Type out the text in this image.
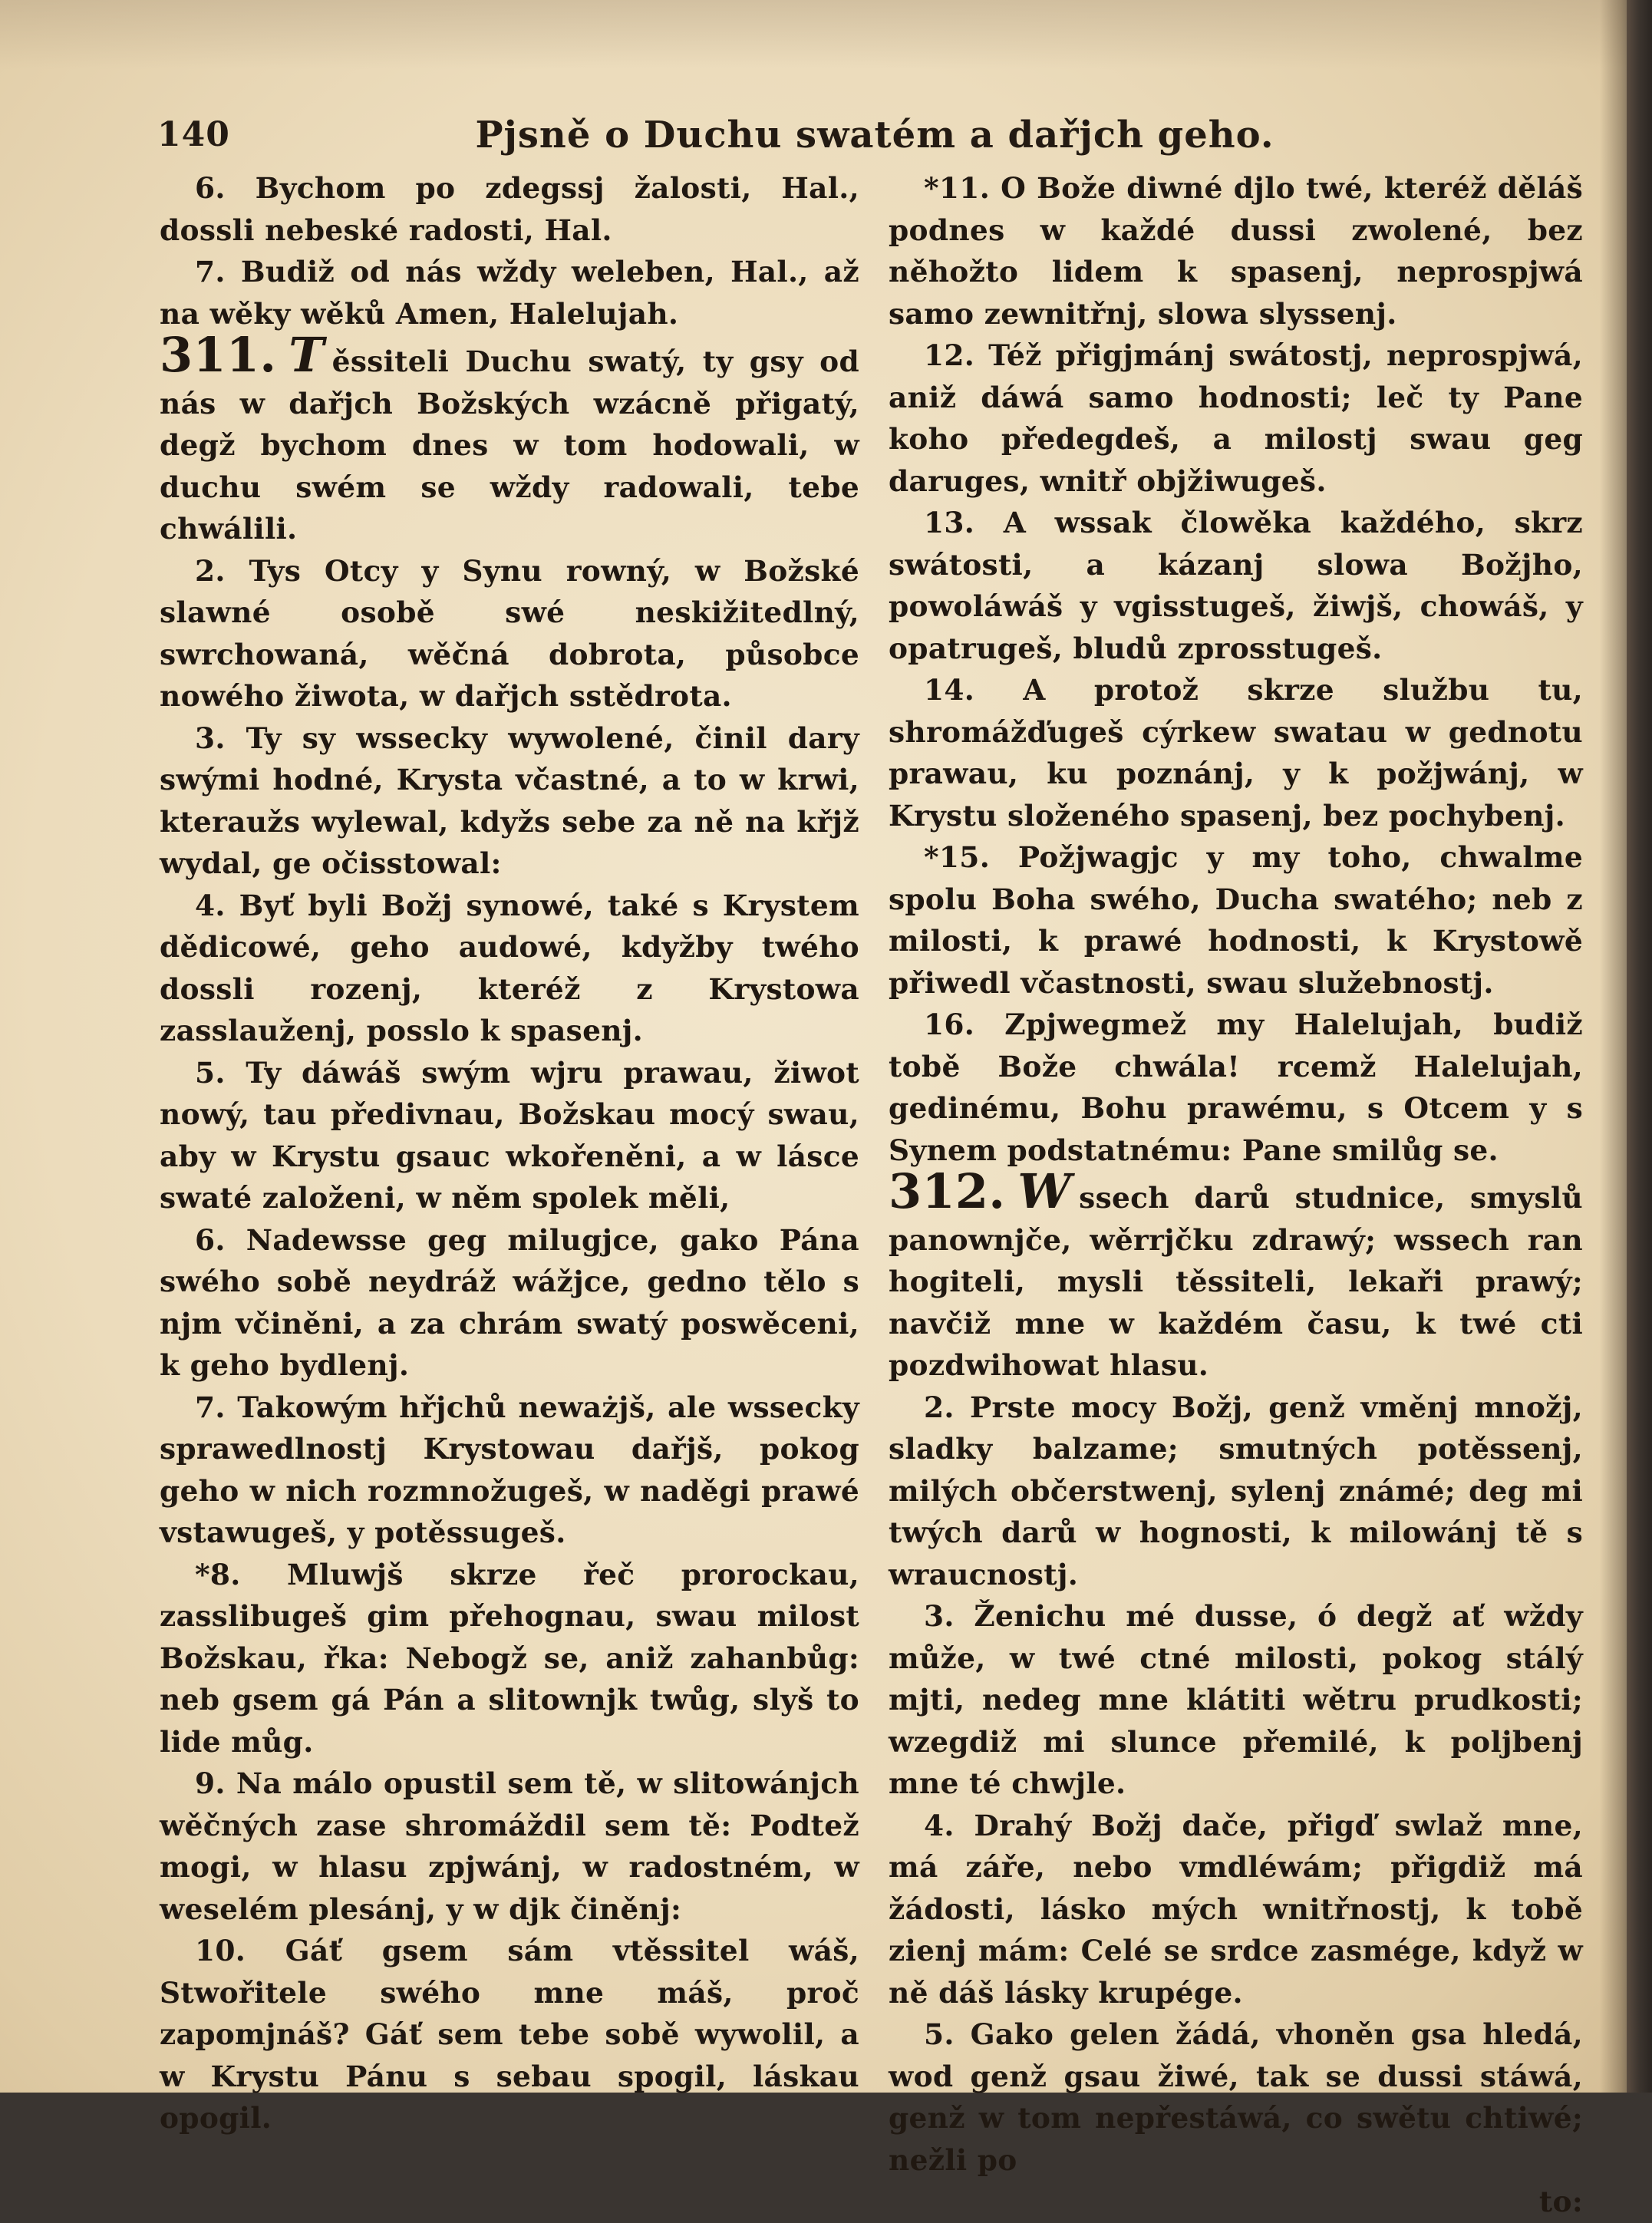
140	Pjsně o Duchu swatém a dařjch geho.

6. Bychom po zdegssj žalosti, Hal., dossli nebeské radosti, Hal.

7. Budiž od nás wždy weleben, Hal., až na wěky wěků Amen, Halelujah.

311. T ěssiteli Duchu swatý, ty gsy od nás w dařjch Božských wzácně přigatý, degž bychom dnes w tom hodowali, w duchu swém se wždy radowali, tebe chwálili.

2. Tys Otcy y Synu rowný, w Božské slawné osobě swé neskižitedlný, swrchowaná, wěčná dobrota, působce nowého žiwota, w dařjch sstědrota.

3. Ty sy wssecky wywolené, činil dary swými hodné, Krysta včastné, a to w krwi, kteraužs wylewal, kdyžs sebe za ně na křjž wydal, ge očisstowal:

4. Byť byli Božj synowé, také s Krystem dědicowé, geho audowé, kdyžby twého dossli rozenj, kteréž z Krystowa zasslauženj, posslo k spasenj.

5. Ty dáwáš swým wjru prawau, žiwot nowý, tau předivnau, Božskau mocý swau, aby w Krystu gsauc wkořeněni, a w lásce swaté založeni, w něm spolek měli,

6. Nadewsse geg milugjce, gako Pána swého sobě neydráž wážjce, gedno tělo s njm včiněni, a za chrám swatý poswěceni, k geho bydlenj.

7. Takowým hřjchů neważjš, ale wssecky sprawedlnostj Krystowau dařjš, pokog geho w nich rozmnožugeš, w naděgi prawé vstawugeš, y potěssugeš.

*8. Mluwjš skrze řeč prorockau, zasslibugeš gim přehognau, swau milost Božskau, řka: Nebogž se, aniž zahanbůg: neb gsem gá Pán a slitownjk twůg, slyš to lide můg.

9. Na málo opustil sem tě, w slitowánjch wěčných zase shromáždil sem tě: Podtež mogi, w hlasu zpjwánj, w radostném, w weselém plesánj, y w djk činěnj:

10. Gáť gsem sám vtěssitel wáš, Stwořitele swého mne máš, proč zapomjnáš? Gáť sem tebe sobě wywolil, a w Krystu Pánu s sebau spogil, láskau opogil.

*11. O Bože diwné djlo twé, kteréž děláš podnes w každé dussi zwolené, bez něhožto lidem k spasenj, neprospjwá samo zewnitřnj, slowa slyssenj.

12. Též přigjmánj swátostj, neprospjwá, aniž dáwá samo hodnosti; leč ty Pane koho předegdeš, a milostj swau geg daruges, wnitř objžiwugeš.

13. A wssak člowěka každého, skrz swátosti, a kázanj slowa Božjho, powoláwáš y vgisstugeš, žiwjš, chowáš, y opatrugeš, bludů zprosstugeš.

14. A protož skrze službu tu, shromážďugeš cýrkew swatau w gednotu prawau, ku poznánj, y k požjwánj, w Krystu složeného spasenj, bez pochybenj.

*15. Požjwagjc y my toho, chwalme spolu Boha swého, Ducha swatého; neb z milosti, k prawé hodnosti, k Krystowě přiwedl včastnosti, swau služebnostj.

16. Zpjwegmež my Halelujah, budiž tobě Bože chwála! rcemž Halelujah, gedinému, Bohu prawému, s Otcem y s Synem podstatnému: Pane smilůg se.

312. W ssech darů studnice, smyslů panownjče, wěrrjčku zdrawý; wssech ran hogiteli, mysli těssiteli, lekaři prawý; navčiž mne w každém času, k twé cti pozdwihowat hlasu.

2. Prste mocy Božj, genž vměnj množj, sladky balzame; smutných potěssenj, milých občerstwenj, sylenj známé; deg mi twých darů w hognosti, k milowánj tě s wraucnostj.

3. Ženichu mé dusse, ó degž ať wždy může, w twé ctné milosti, pokog stálý mjti, nedeg mne klátiti wětru prudkosti; wzegdiž mi slunce přemilé, k poljbenj mne té chwjle.

4. Drahý Božj dače, přigď swlaž mne, má záře, nebo vmdléwám; přigdiž má žádosti, lásko mých wnitřnostj, k tobě zienj mám: Celé se srdce zasmége, když w ně dáš lásky krupége.

5. Gako gelen žádá, vhoněn gsa hledá, wod genž gsau žiwé, tak se dussi stáwá, genž w tom nepřestáwá, co swětu chtiwé; nežli po

to:
